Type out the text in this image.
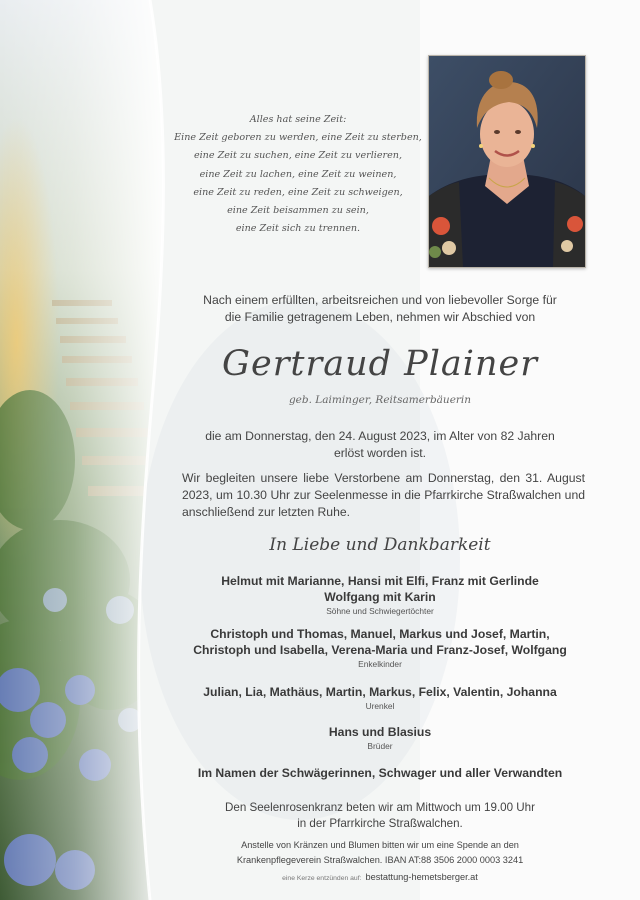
Alles hat seine Zeit:
Eine Zeit geboren zu werden, eine Zeit zu sterben,
eine Zeit zu suchen, eine Zeit zu verlieren,
eine Zeit zu lachen, eine Zeit zu weinen,
eine Zeit zu reden, eine Zeit zu schweigen,
eine Zeit beisammen zu sein,
eine Zeit sich zu trennen.
Nach einem erfüllten, arbeitsreichen und von liebevoller Sorge für
die Familie getragenem Leben, nehmen wir Abschied von
Gertraud Plainer
geb. Laiminger, Reitsamerbäuerin
die am Donnerstag, den 24. August 2023, im Alter von 82 Jahren
erlöst worden ist.
Wir begleiten unsere liebe Verstorbene am Donnerstag, den 31. August 2023, um 10.30 Uhr zur Seelenmesse in die Pfarrkirche Straßwalchen und anschließend zur letzten Ruhe.
In Liebe und Dankbarkeit
Helmut mit Marianne, Hansi mit Elfi, Franz mit Gerlinde
Wolfgang mit Karin
Söhne und Schwiegertöchter
Christoph und Thomas, Manuel, Markus und Josef, Martin,
Christoph und Isabella, Verena-Maria und Franz-Josef, Wolfgang
Enkelkinder
Julian, Lia, Mathäus, Martin, Markus, Felix, Valentin, Johanna
Urenkel
Hans und Blasius
Brüder
Im Namen der Schwägerinnen, Schwager und aller Verwandten
Den Seelenrosenkranz beten wir am Mittwoch um 19.00 Uhr
in der Pfarrkirche Straßwalchen.
Anstelle von Kränzen und Blumen bitten wir um eine Spende an den
Krankenpflegeverein Straßwalchen. IBAN AT:88 3506 2000 0003 3241
eine Kerze entzünden auf: bestattung-hemetsberger.at
